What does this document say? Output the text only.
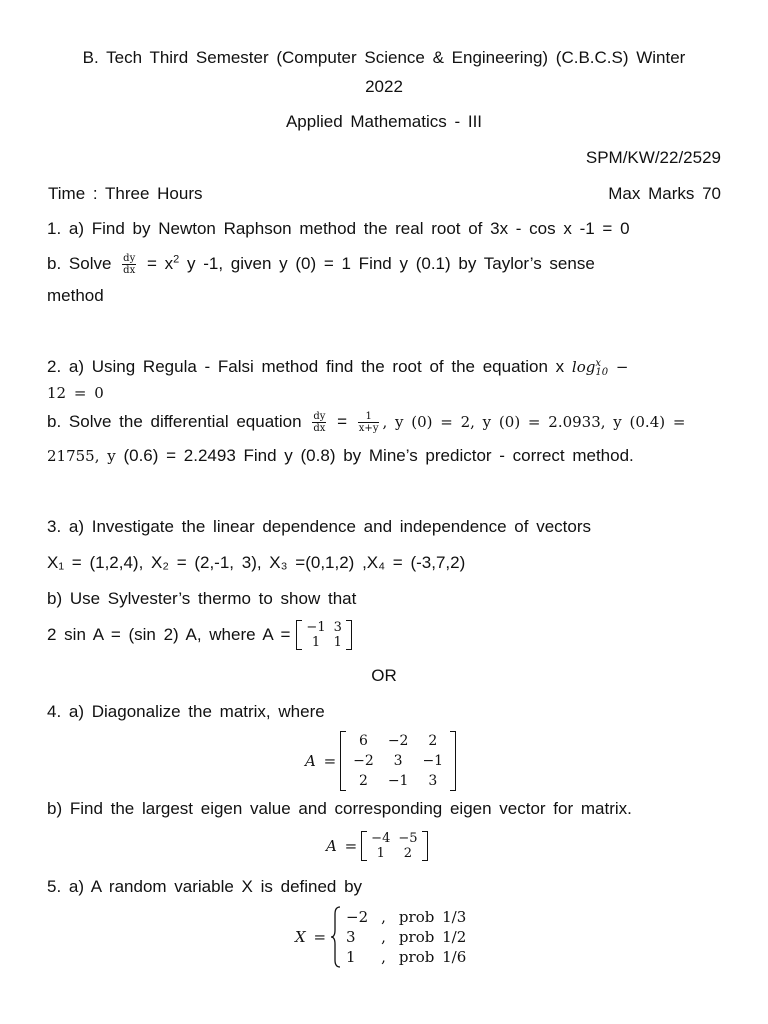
B. Tech Third Semester (Computer Science & Engineering) (C.B.C.S) Winter
2022
Applied Mathematics - III
SPM/KW/22/2529
Time : Three Hours	Max Marks 70
1. a) Find by Newton Raphson method the real root of 3x - cos x -1 = 0
b. Solve $\frac{dy}{dx} = x^2$ y -1, given y (0) = 1 Find y (0.1) by Taylor’s sense
method
2. a) Using Regula - Falsi method find the root of the equation x log x
10 −
12 = 0
b. Solve the differential equation $\frac{dy}{dx} = \frac{1}{x+y}$ , y (0) = 2, y (0) = 2.0933, y (0.4) =
21755, y (0.6) = 2.2493 Find y (0.8) by Mine’s predictor - correct method.
3. a) Investigate the linear dependence and independence of vectors
X₁ = (1,2,4), X₂ = (2,-1, 3), X₃ =(0,1,2) ,X₄ = (-3,7,2)
b) Use Sylvester’s thermo to show that
2 sin A = (sin 2) A, where A = −1	3
1	1
OR
4. a) Diagonalize the matrix, where
A =
6	−2	2
−2	3	−1
2	−1	3
b) Find the largest eigen value and corresponding eigen vector for matrix.
A = −4	−5
1	2
5. a) A random variable X is defined by
X =
−2	,	prob 1/3
3	,	prob 1/2
1	,	prob 1/6
